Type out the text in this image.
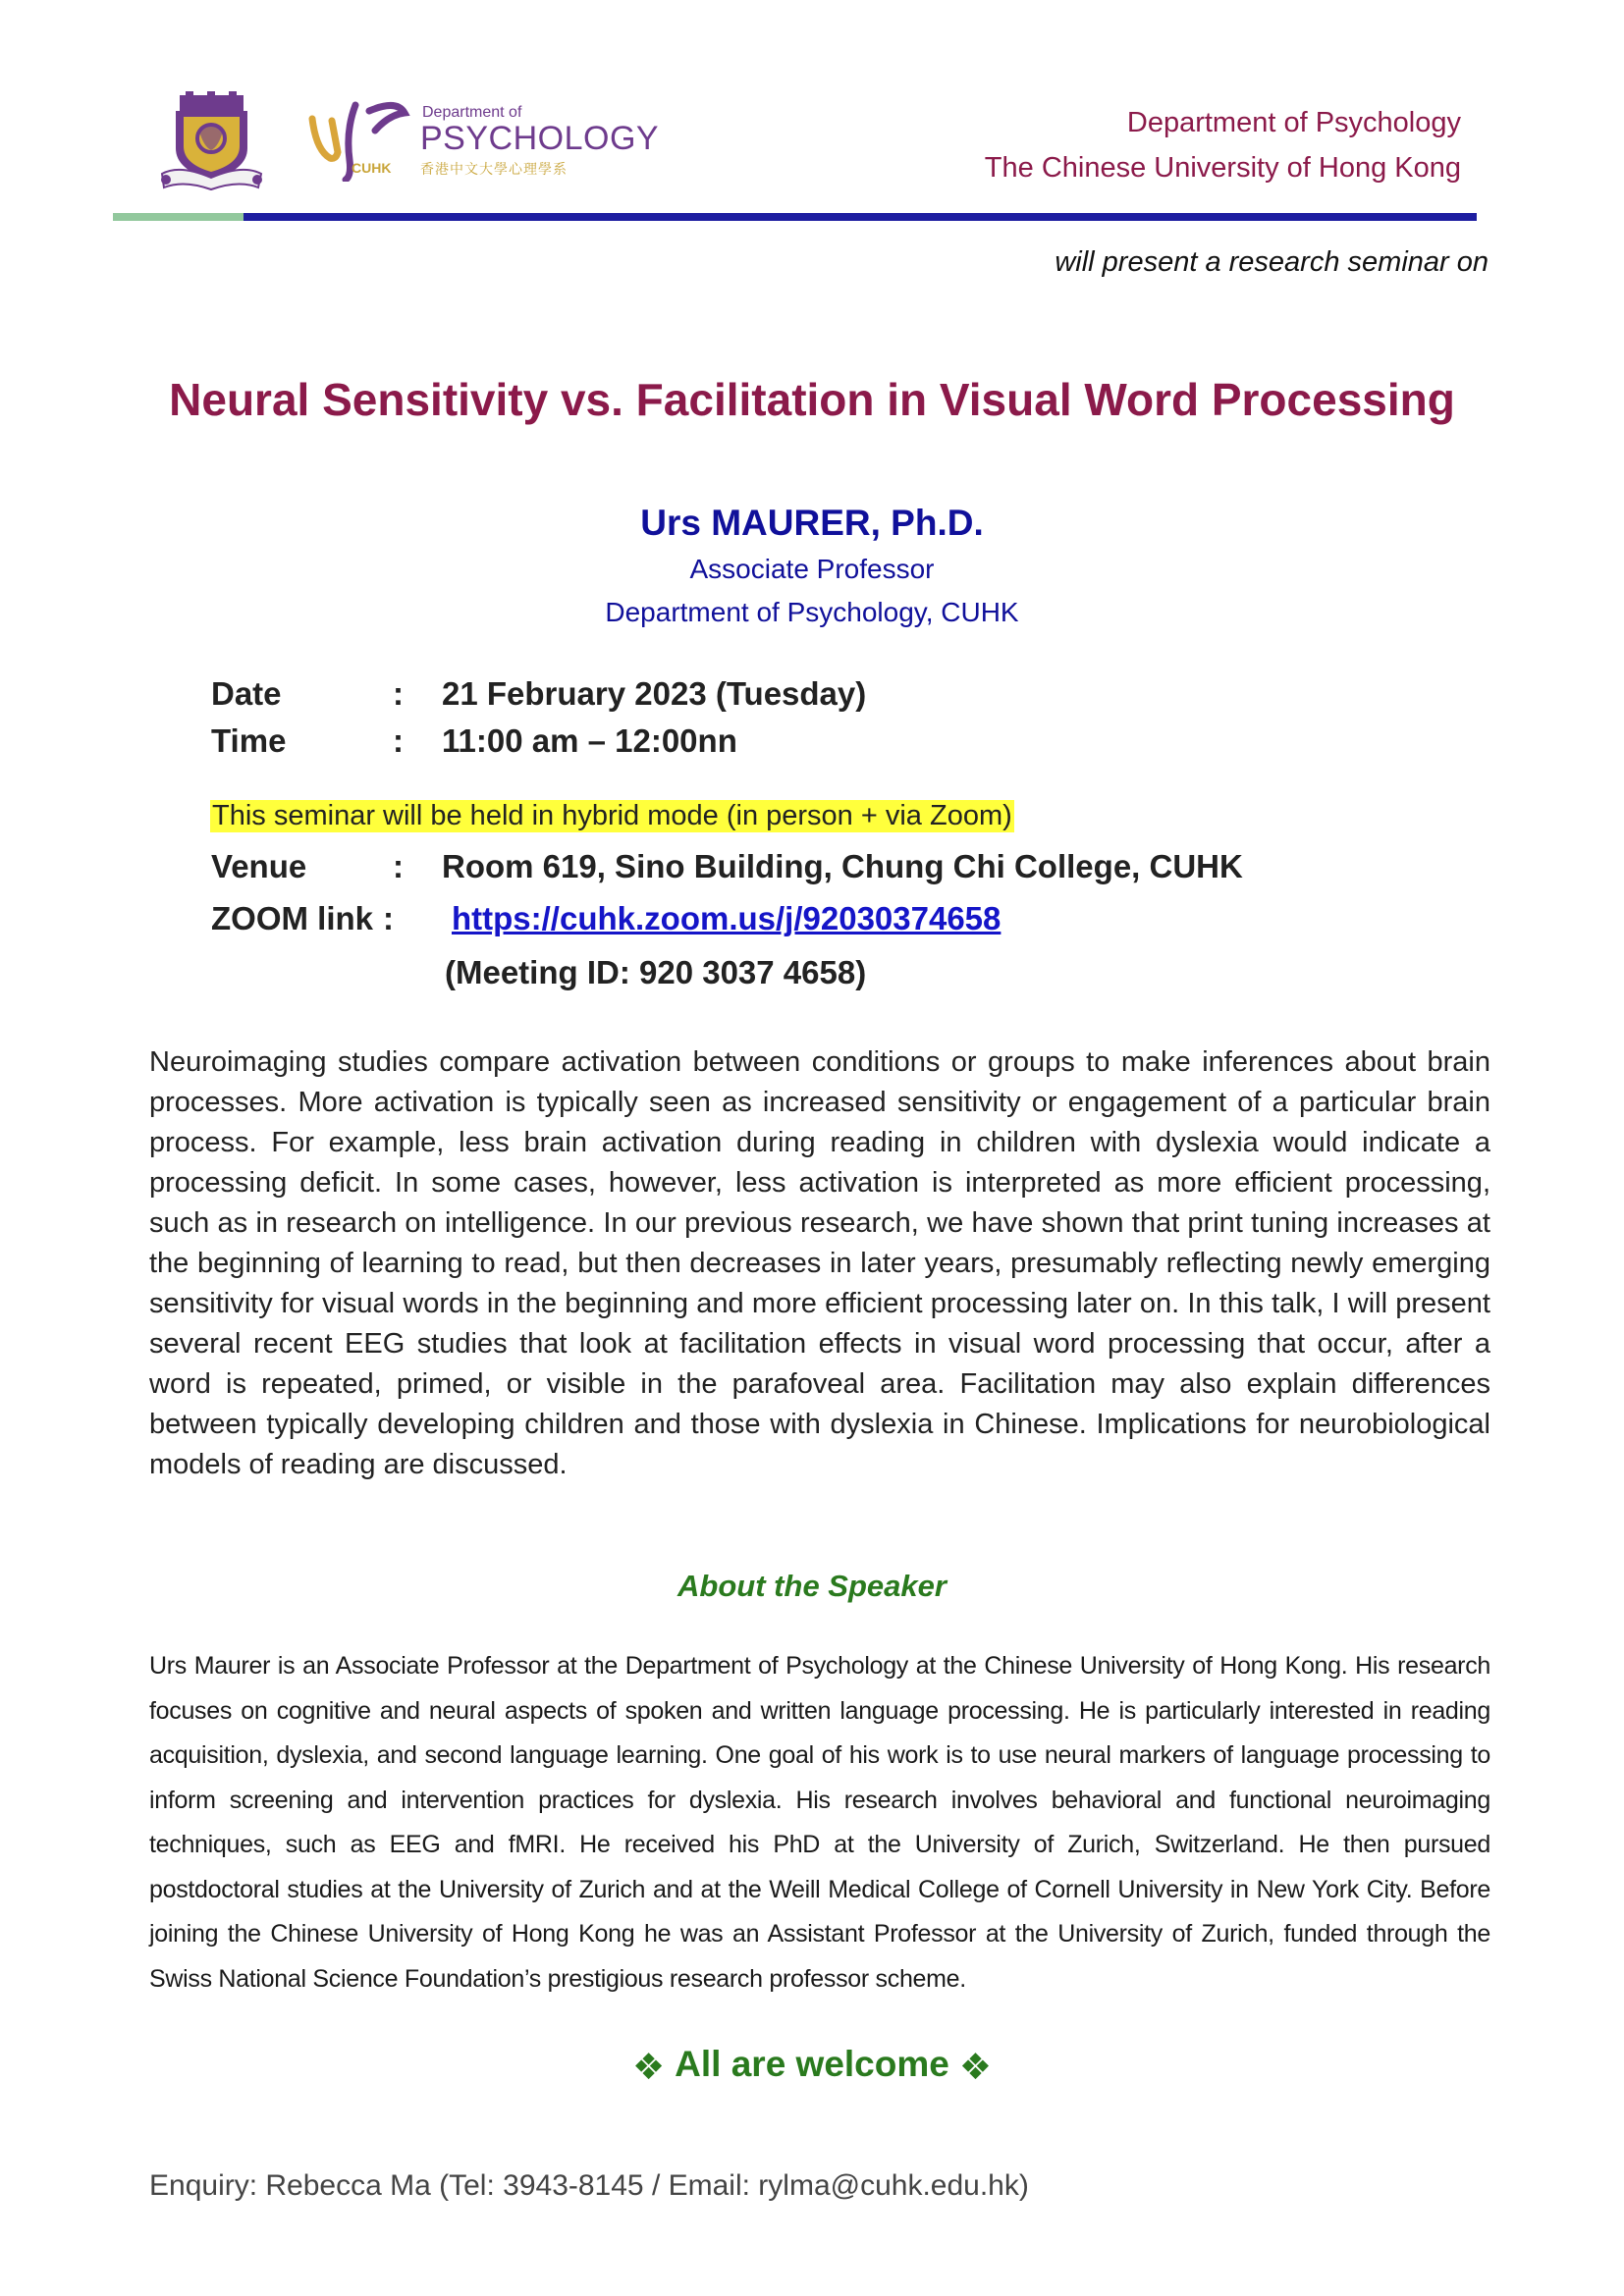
CUHK
Department of
PSYCHOLOGY
香港中文大學心理學系
Department of Psychology
The Chinese University of Hong Kong
will present a research seminar on
Neural Sensitivity vs. Facilitation in Visual Word Processing
Urs MAURER, Ph.D.
Associate Professor
Department of Psychology, CUHK
Date	: 21 February 2023 (Tuesday)
Time	: 11:00 am – 12:00nn
This seminar will be held in hybrid mode (in person + via Zoom)
Venue	: Room 619, Sino Building, Chung Chi College, CUHK
ZOOM link : https://cuhk.zoom.us/j/92030374658
(Meeting ID: 920 3037 4658)
Neuroimaging studies compare activation between conditions or groups to make inferences about brain processes. More activation is typically seen as increased sensitivity or engagement of a particular brain process. For example, less brain activation during reading in children with dyslexia would indicate a processing deficit. In some cases, however, less activation is interpreted as more efficient processing, such as in research on intelligence. In our previous research, we have shown that print tuning increases at the beginning of learning to read, but then decreases in later years, presumably reflecting newly emerging sensitivity for visual words in the beginning and more efficient processing later on. In this talk, I will present several recent EEG studies that look at facilitation effects in visual word processing that occur, after a word is repeated, primed, or visible in the parafoveal area. Facilitation may also explain differences between typically developing children and those with dyslexia in Chinese. Implications for neurobiological models of reading are discussed.
About the Speaker
Urs Maurer is an Associate Professor at the Department of Psychology at the Chinese University of Hong Kong. His research focuses on cognitive and neural aspects of spoken and written language processing. He is particularly interested in reading acquisition, dyslexia, and second language learning. One goal of his work is to use neural markers of language processing to inform screening and intervention practices for dyslexia. His research involves behavioral and functional neuroimaging techniques, such as EEG and fMRI. He received his PhD at the University of Zurich, Switzerland. He then pursued postdoctoral studies at the University of Zurich and at the Weill Medical College of Cornell University in New York City. Before joining the Chinese University of Hong Kong he was an Assistant Professor at the University of Zurich, funded through the Swiss National Science Foundation’s prestigious research professor scheme.
❖ All are welcome ❖
Enquiry: Rebecca Ma (Tel: 3943-8145 / Email: rylma@cuhk.edu.hk)
